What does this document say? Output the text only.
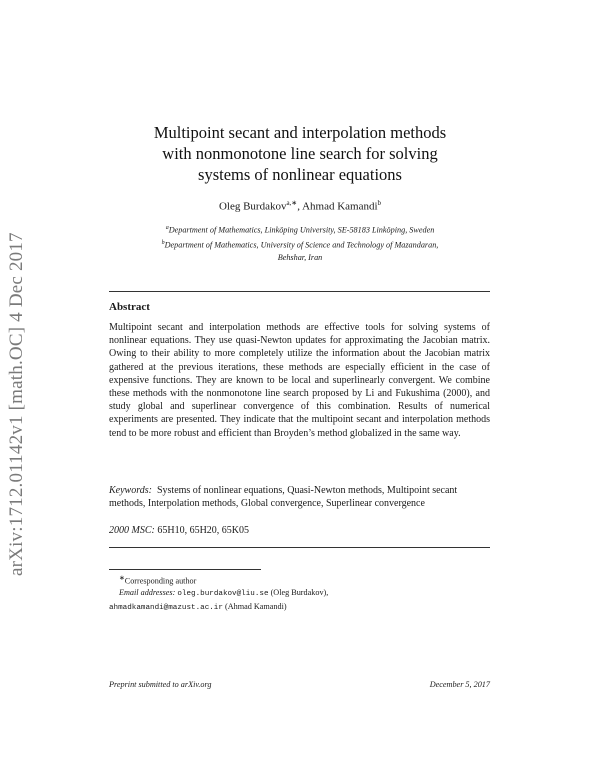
arXiv:1712.01142v1 [math.OC] 4 Dec 2017
Multipoint secant and interpolation methods
with nonmonotone line search for solving
systems of nonlinear equations
Oleg Burdakov$^{a,∗}$, Ahmad Kamandi$^b$
$^a$Department of Mathematics, Linköping University, SE-58183 Linköping, Sweden
$^b$Department of Mathematics, University of Science and Technology of Mazandaran,
Behshar, Iran
Abstract
Multipoint secant and interpolation methods are effective tools for solving systems of nonlinear equations. They use quasi-Newton updates for approximating the Jacobian matrix. Owing to their ability to more completely utilize the information about the Jacobian matrix gathered at the previous iterations, these methods are especially efficient in the case of expensive functions. They are known to be local and superlinearly convergent. We combine these methods with the nonmonotone line search proposed by Li and Fukushima (2000), and study global and superlinear convergence of this combination. Results of numerical experiments are presented. They indicate that the multipoint secant and interpolation methods tend to be more robust and efficient than Broyden’s method globalized in the same way.
Keywords: Systems of nonlinear equations, Quasi-Newton methods, Multipoint secant methods, Interpolation methods, Global convergence, Superlinear convergence
2000 MSC: 65H10, 65H20, 65K05
∗Corresponding author
Email addresses: oleg.burdakov@liu.se (Oleg Burdakov),
ahmadkamandi@mazust.ac.ir (Ahmad Kamandi)
Preprint submitted to arXiv.org	December 5, 2017
